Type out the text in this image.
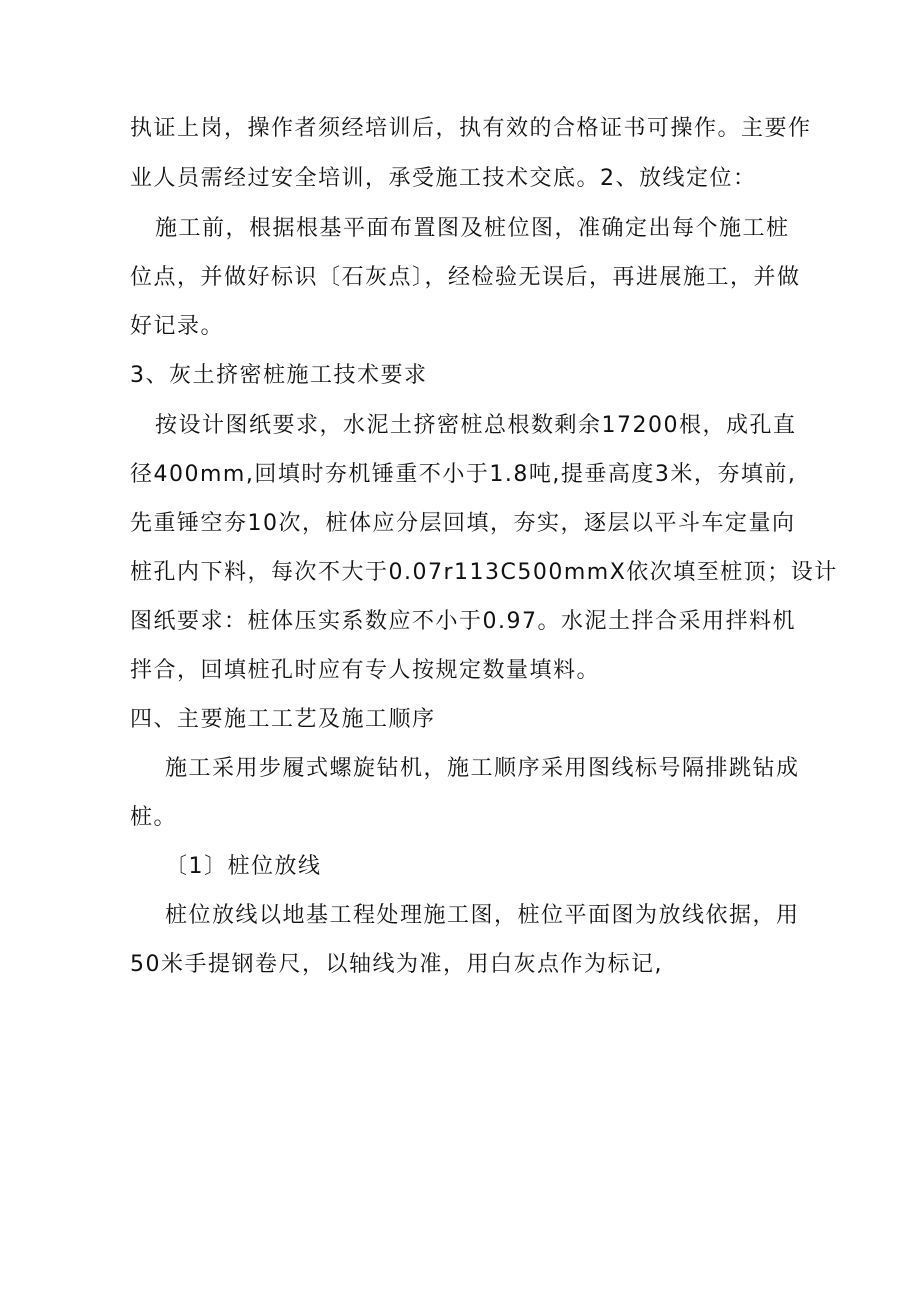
执证上岗，操作者须经培训后，执有效的合格证书可操作。主要作
业人员需经过安全培训，承受施工技术交底。2、放线定位：
施工前，根据根基平面布置图及桩位图，准确定出每个施工桩
位点，并做好标识〔石灰点〕，经检验无误后，再进展施工，并做
好记录。
3、灰土挤密桩施工技术要求
按设计图纸要求，水泥土挤密桩总根数剩余17200根，成孔直
径400mm,回填时夯机锤重不小于1.8吨,提垂高度3米，夯填前,
先重锤空夯10次，桩体应分层回填，夯实，逐层以平斗车定量向
桩孔内下料，每次不大于0.07r113C500mmX依次填至桩顶；设计
图纸要求：桩体压实系数应不小于0.97。水泥土拌合采用拌料机
拌合，回填桩孔时应有专人按规定数量填料。
四、主要施工工艺及施工顺序
施工采用步履式螺旋钻机，施工顺序采用图线标号隔排跳钻成
桩。
〔1〕桩位放线
桩位放线以地基工程处理施工图，桩位平面图为放线依据，用
50米手提钢卷尺，以轴线为准，用白灰点作为标记,
